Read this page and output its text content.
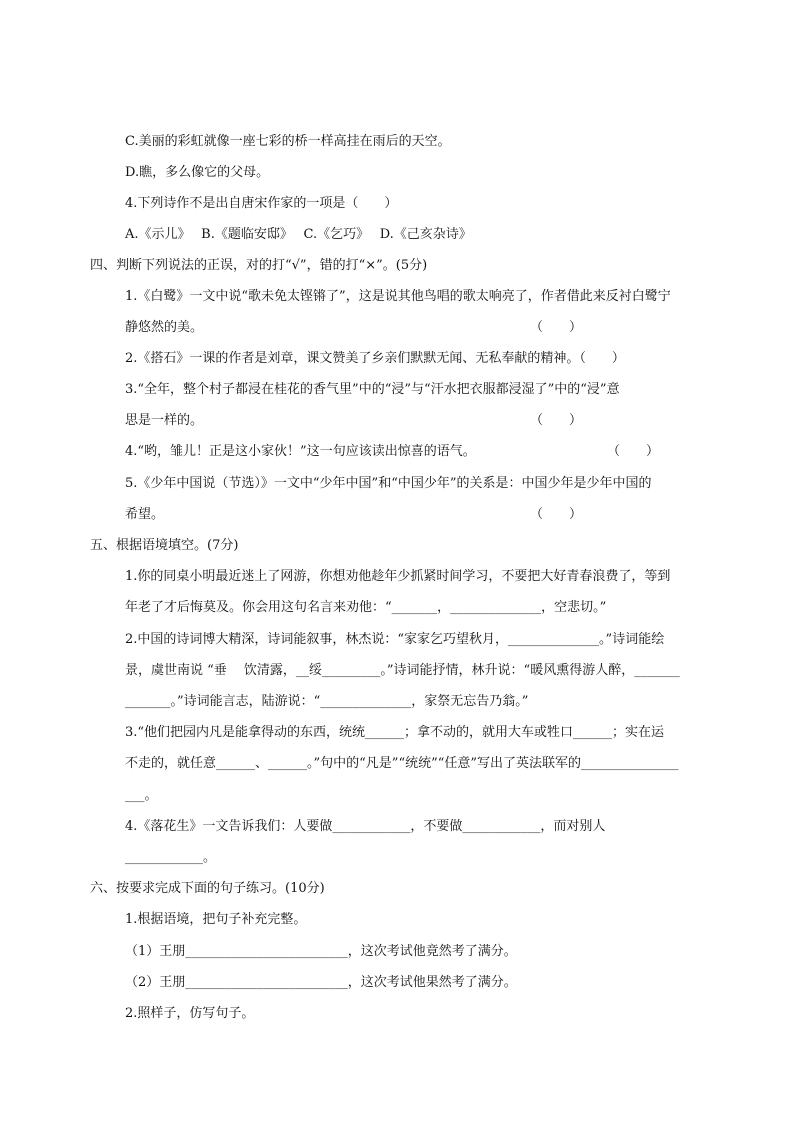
C.美丽的彩虹就像一座七彩的桥一样高挂在雨后的天空。
D.瞧，多么像它的父母。
4.下列诗作不是出自唐宋作家的一项是（　　）
A.《示儿》　 B.《题临安邸》　 C.《乞巧》　 D.《己亥杂诗》
四、判断下列说法的正误，对的打“√”，错的打“×”。(5分)
1.《白鹭》一文中说“歌未免太铿锵了”，这是说其他鸟唱的歌太响亮了，作者借此来反衬白鹭宁
静悠然的美。	（　　）
2.《搭石》一课的作者是刘章，课文赞美了乡亲们默默无闻、无私奉献的精神。（　　）
3.“全年，整个村子都浸在桂花的香气里”中的“浸”与“汗水把衣服都浸湿了”中的“浸”意
思是一样的。	（　　）
4.“哟，雏儿！正是这小家伙！”这一句应该读出惊喜的语气。	（　　）
5.《少年中国说（节选）》一文中“少年中国”和“中国少年”的关系是：中国少年是少年中国的
希望。	（　　）
五、根据语境填空。(7分)
1.你的同桌小明最近迷上了网游，你想劝他趁年少抓紧时间学习，不要把大好青春浪费了，等到
年老了才后悔莫及。你会用这句名言来劝他：“_______，______________，空悲切。”
2.中国的诗词博大精深，诗词能叙事，林杰说：“家家乞巧望秋月，______________。”诗词能绘
景，虞世南说 “垂　 饮清露，__绥_________。”诗词能抒情，林升说：“暖风熏得游人醉，_______
_______。”诗词能言志，陆游说：“______________，家祭无忘告乃翁。”
3.“他们把园内凡是能拿得动的东西，统统______；拿不动的，就用大车或牲口______；实在运
不走的，就任意______、______。”句中的“凡是”“统统”“任意”写出了英法联军的_______________
___。
4.《落花生》一文告诉我们：人要做____________，不要做____________，而对别人
____________。
六、按要求完成下面的句子练习。(10分)
1.根据语境，把句子补充完整。
（1）王朋_________________________，这次考试他竟然考了满分。
（2）王朋_________________________，这次考试他果然考了满分。
2.照样子，仿写句子。
